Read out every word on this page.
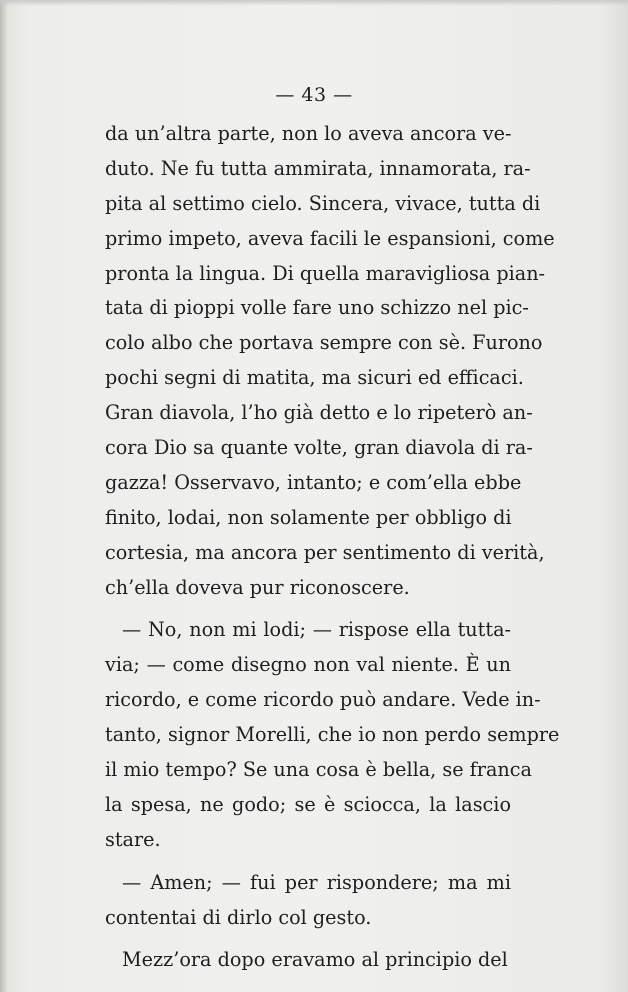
— 43 —
da un’altra parte, non lo aveva ancora ve-
duto. Ne fu tutta ammirata, innamorata, ra-
pita al settimo cielo. Sincera, vivace, tutta di
primo impeto, aveva facili le espansioni, come
pronta la lingua. Di quella maravigliosa pian-
tata di pioppi volle fare uno schizzo nel pic-
colo albo che portava sempre con sè. Furono
pochi segni di matita, ma sicuri ed efficaci.
Gran diavola, l’ho già detto e lo ripeterò an-
cora Dio sa quante volte, gran diavola di ra-
gazza! Osservavo, intanto; e com’ella ebbe
finito, lodai, non solamente per obbligo di
cortesia, ma ancora per sentimento di verità,
ch’ella doveva pur riconoscere.
— No, non mi lodi; — rispose ella tutta-
via; — come disegno non val niente. È un
ricordo, e come ricordo può andare. Vede in-
tanto, signor Morelli, che io non perdo sempre
il mio tempo? Se una cosa è bella, se franca
la spesa, ne godo; se è sciocca, la lascio
stare.
— Amen; — fui per rispondere; ma mi
contentai di dirlo col gesto.
Mezz’ora dopo eravamo al principio del
